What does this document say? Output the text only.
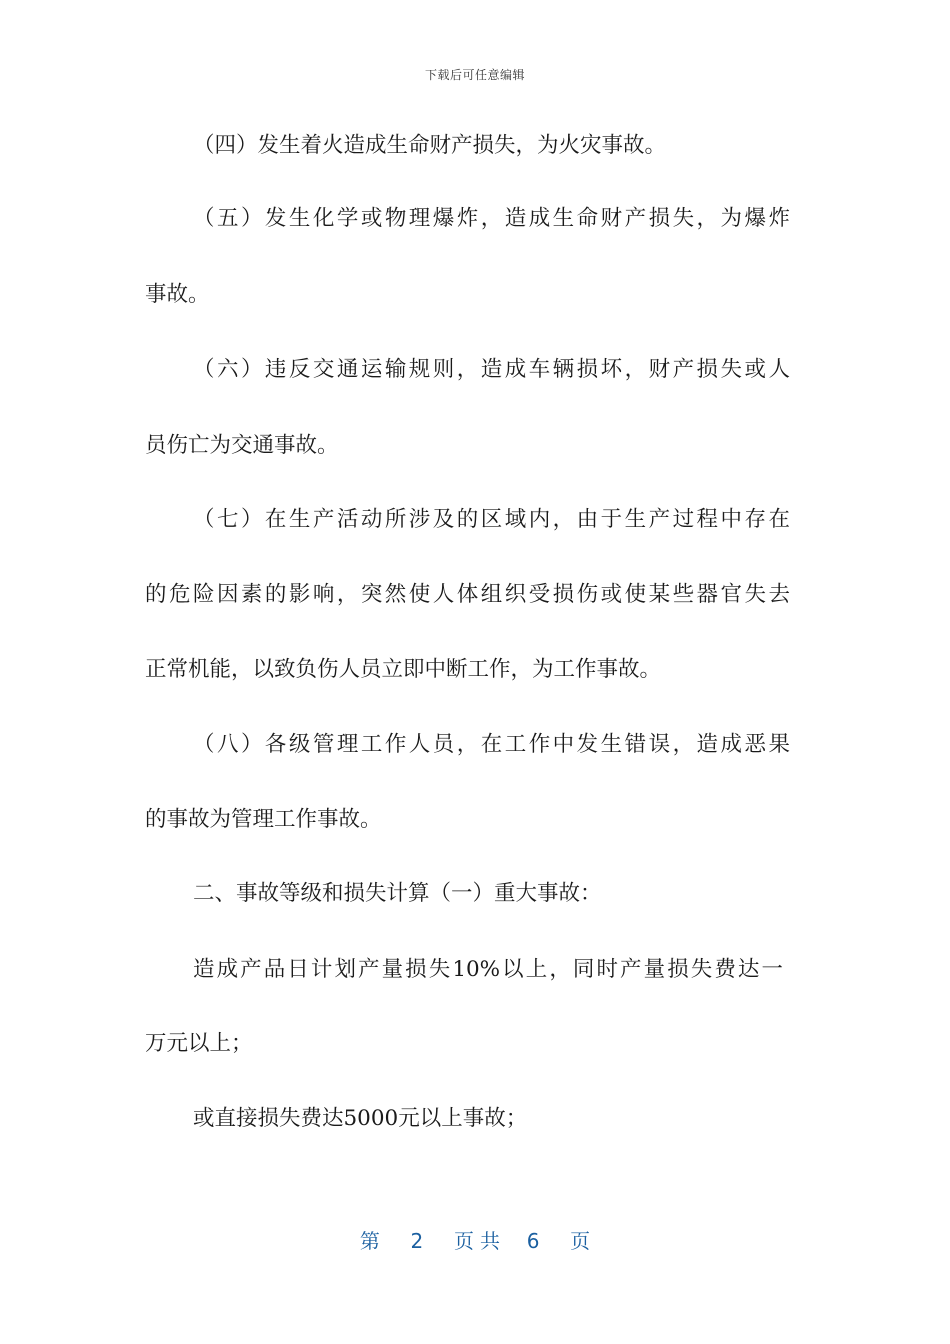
下载后可任意编辑
（四）发生着火造成生命财产损失，为火灾事故。
（五）发生化学或物理爆炸，造成生命财产损失，为爆炸
事故。
（六）违反交通运输规则，造成车辆损坏，财产损失或人
员伤亡为交通事故。
（七）在生产活动所涉及的区域内，由于生产过程中存在
的危险因素的影响，突然使人体组织受损伤或使某些器官失去
正常机能，以致负伤人员立即中断工作，为工作事故。
（八）各级管理工作人员，在工作中发生错误，造成恶果
的事故为管理工作事故。
二、事故等级和损失计算（一）重大事故：
造成产品日计划产量损失10%以上，同时产量损失费达一
万元以上；
或直接损失费达5000元以上事故；
第 2 页共 6 页
